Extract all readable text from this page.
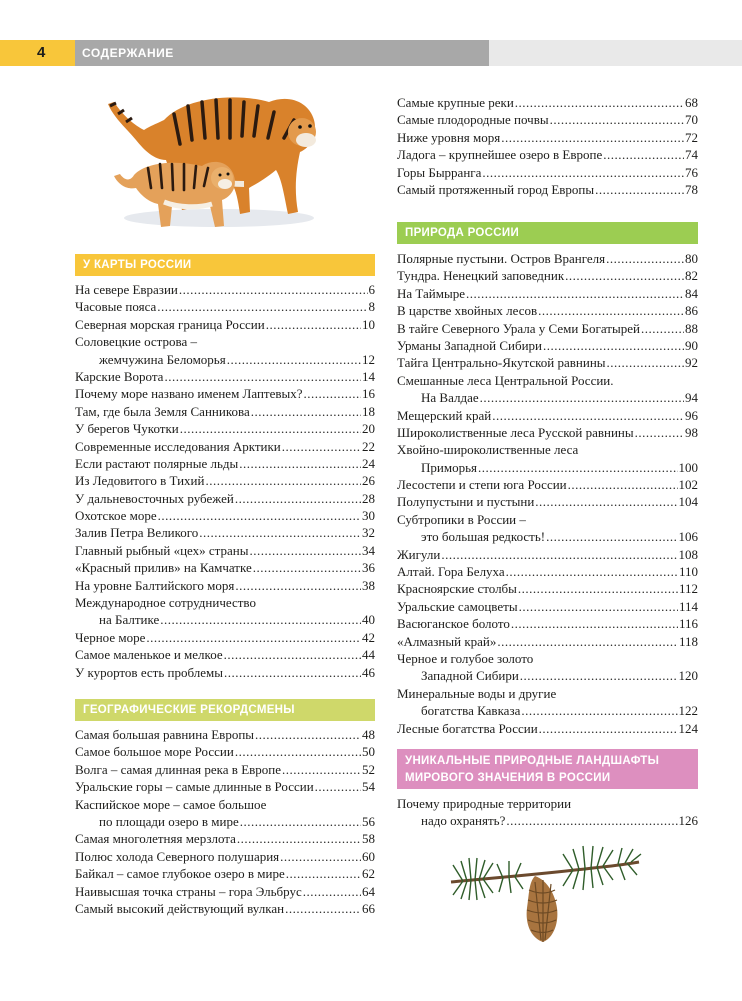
4	СОДЕРЖАНИЕ
У КАРТЫ РОССИИ
На севере Евразии .....	6
Часовые пояса .....	8
Северная морская граница России .....	10
Соловецкие острова –
жемчужина Беломорья .....	12
Карские Ворота .....	14
Почему море названо именем Лаптевых? .....	16
Там, где была Земля Санникова .....	18
У берегов Чукотки .....	20
Современные исследования Арктики .....	22
Если растают полярные льды .....	24
Из Ледовитого в Тихий .....	26
У дальневосточных рубежей .....	28
Охотское море .....	30
Залив Петра Великого .....	32
Главный рыбный «цех» страны .....	34
«Красный прилив» на Камчатке .....	36
На уровне Балтийского моря .....	38
Международное сотрудничество
на Балтике .....	40
Черное море .....	42
Самое маленькое и мелкое .....	44
У курортов есть проблемы .....	46
ГЕОГРАФИЧЕСКИЕ РЕКОРДСМЕНЫ
Самая большая равнина Европы .....	48
Самое большое море России .....	50
Волга – самая длинная река в Европе .....	52
Уральские горы – самые длинные в России .....	54
Каспийское море – самое большое
по площади озеро в мире .....	56
Самая многолетняя мерзлота .....	58
Полюс холода Северного полушария .....	60
Байкал – самое глубокое озеро в мире .....	62
Наивысшая точка страны – гора Эльбрус .....	64
Самый высокий действующий вулкан .....	66
Самые крупные реки .....	68
Самые плодородные почвы .....	70
Ниже уровня моря .....	72
Ладога – крупнейшее озеро в Европе .....	74
Горы Бырранга .....	76
Самый протяженный город Европы .....	78
ПРИРОДА РОССИИ
Полярные пустыни. Остров Врангеля .....	80
Тундра. Ненецкий заповедник .....	82
На Таймыре .....	84
В царстве хвойных лесов .....	86
В тайге Северного Урала у Семи Богатырей .....	88
Урманы Западной Сибири .....	90
Тайга Центрально-Якутской равнины .....	92
Смешанные леса Центральной России.
На Валдае .....	94
Мещерский край .....	96
Широколиственные леса Русской равнины .....	98
Хвойно-широколиственные леса
Приморья .....	100
Лесостепи и степи юга России .....	102
Полупустыни и пустыни .....	104
Субтропики в России –
это большая редкость! .....	106
Жигули .....	108
Алтай. Гора Белуха .....	110
Красноярские столбы .....	112
Уральские самоцветы .....	114
Васюганское болото .....	116
«Алмазный край» .....	118
Черное и голубое золото
Западной Сибири .....	120
Минеральные воды и другие
богатства Кавказа .....	122
Лесные богатства России .....	124
УНИКАЛЬНЫЕ ПРИРОДНЫЕ ЛАНДШАФТЫ
МИРОВОГО ЗНАЧЕНИЯ В РОССИИ
Почему природные территории
надо охранять? .....	126
